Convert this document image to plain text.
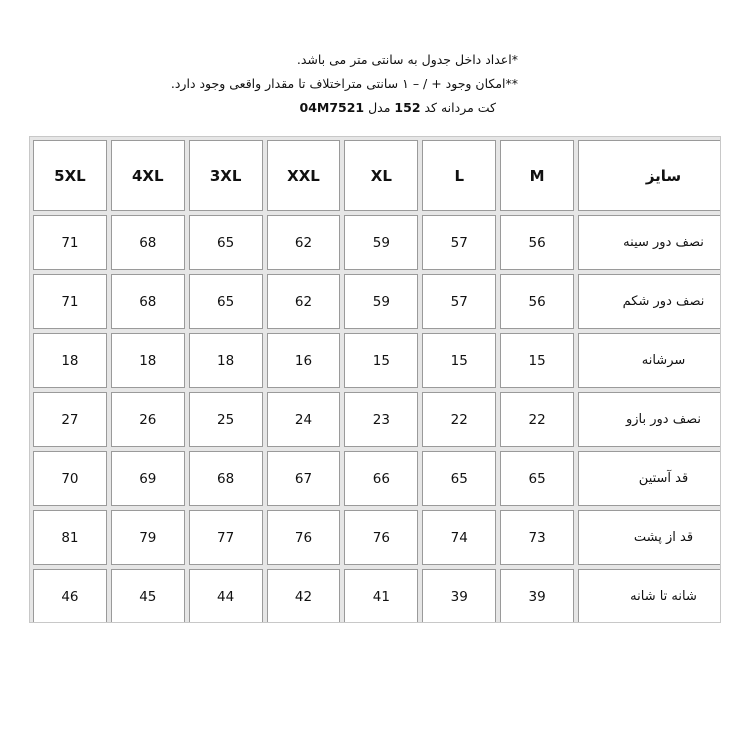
*اعداد داخل جدول به سانتی متر می باشد.
**امکان وجود + / – ۱ سانتی متراختلاف تا مقدار واقعی وجود دارد.
کت مردانه کد 152 مدل 04M7521
5XL	4XL	3XL	XXL	XL	L	M	سایز
71	68	65	62	59	57	56	نصف دور سینه
71	68	65	62	59	57	56	نصف دور شکم
18	18	18	16	15	15	15	سرشانه
27	26	25	24	23	22	22	نصف دور بازو
70	69	68	67	66	65	65	قد آستین
81	79	77	76	76	74	73	قد از پشت
46	45	44	42	41	39	39	شانه تا شانه
